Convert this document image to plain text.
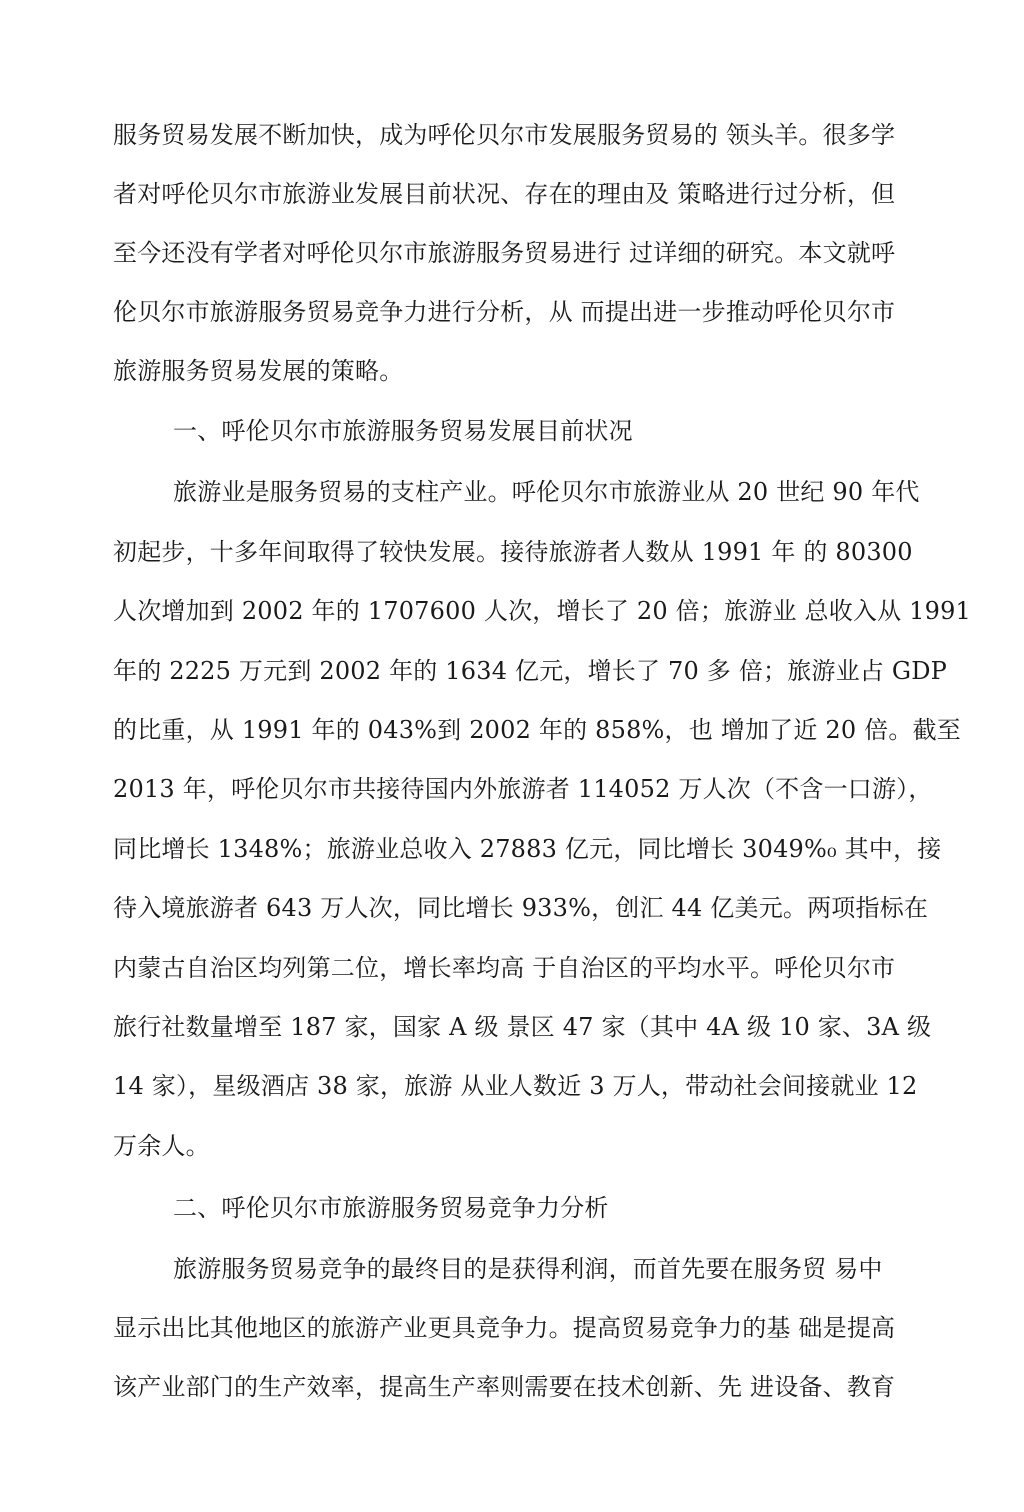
服务贸易发展不断加快，成为呼伦贝尔市发展服务贸易的 领头羊。很多学
者对呼伦贝尔市旅游业发展目前状况、存在的理由及 策略进行过分析，但
至今还没有学者对呼伦贝尔市旅游服务贸易进行 过详细的研究。本文就呼
伦贝尔市旅游服务贸易竞争力进行分析，从 而提出进一步推动呼伦贝尔市
旅游服务贸易发展的策略。
一、呼伦贝尔市旅游服务贸易发展目前状况
旅游业是服务贸易的支柱产业。呼伦贝尔市旅游业从 20 世纪 90 年代
初起步，十多年间取得了较快发展。接待旅游者人数从 1991 年 的 80300
人次增加到 2002 年的 1707600 人次，增长了 20 倍；旅游业 总收入从 1991
年的 2225 万元到 2002 年的 1634 亿元，增长了 70 多 倍；旅游业占 GDP
的比重，从 1991 年的 043%到 2002 年的 858%，也 增加了近 20 倍。截至
2013 年，呼伦贝尔市共接待国内外旅游者 114052 万人次（不含一口游），
同比增长 1348%；旅游业总收入 27883 亿元，同比增长 3049%₀ 其中，接
待入境旅游者 643 万人次，同比增长 933%，创汇 44 亿美元。两项指标在
内蒙古自治区均列第二位，增长率均高 于自治区的平均水平。呼伦贝尔市
旅行社数量增至 187 家，国家 A 级 景区 47 家（其中 4A 级 10 家、3A 级
14 家），星级酒店 38 家，旅游 从业人数近 3 万人，带动社会间接就业 12
万余人。
二、呼伦贝尔市旅游服务贸易竞争力分析
旅游服务贸易竞争的最终目的是获得利润，而首先要在服务贸 易中
显示出比其他地区的旅游产业更具竞争力。提高贸易竞争力的基 础是提高
该产业部门的生产效率，提高生产率则需要在技术创新、先 进设备、教育
